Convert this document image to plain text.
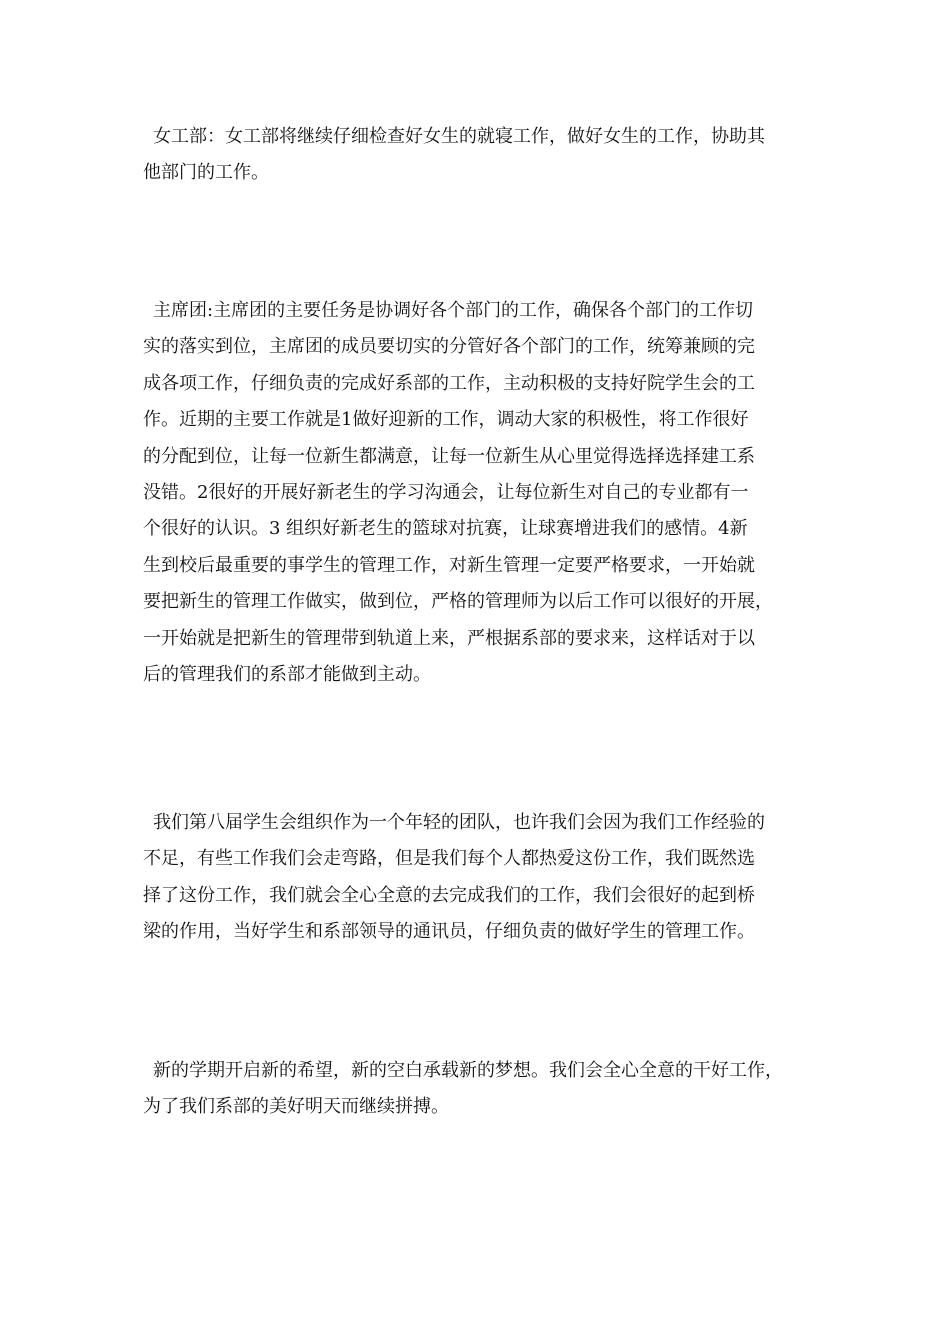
女工部：女工部将继续仔细检查好女生的就寝工作，做好女生的工作，协助其
他部门的工作。
主席团:主席团的主要任务是协调好各个部门的工作，确保各个部门的工作切
实的落实到位，主席团的成员要切实的分管好各个部门的工作，统筹兼顾的完
成各项工作，仔细负责的完成好系部的工作，主动积极的支持好院学生会的工
作。近期的主要工作就是1做好迎新的工作，调动大家的积极性，将工作很好
的分配到位，让每一位新生都满意，让每一位新生从心里觉得选择选择建工系
没错。2很好的开展好新老生的学习沟通会，让每位新生对自己的专业都有一
个很好的认识。3 组织好新老生的篮球对抗赛，让球赛增进我们的感情。4新
生到校后最重要的事学生的管理工作，对新生管理一定要严格要求，一开始就
要把新生的管理工作做实，做到位，严格的管理师为以后工作可以很好的开展，
一开始就是把新生的管理带到轨道上来，严根据系部的要求来，这样话对于以
后的管理我们的系部才能做到主动。
我们第八届学生会组织作为一个年轻的团队，也许我们会因为我们工作经验的
不足，有些工作我们会走弯路，但是我们每个人都热爱这份工作，我们既然选
择了这份工作，我们就会全心全意的去完成我们的工作，我们会很好的起到桥
梁的作用，当好学生和系部领导的通讯员，仔细负责的做好学生的管理工作。
新的学期开启新的希望，新的空白承载新的梦想。我们会全心全意的干好工作，
为了我们系部的美好明天而继续拼搏。
